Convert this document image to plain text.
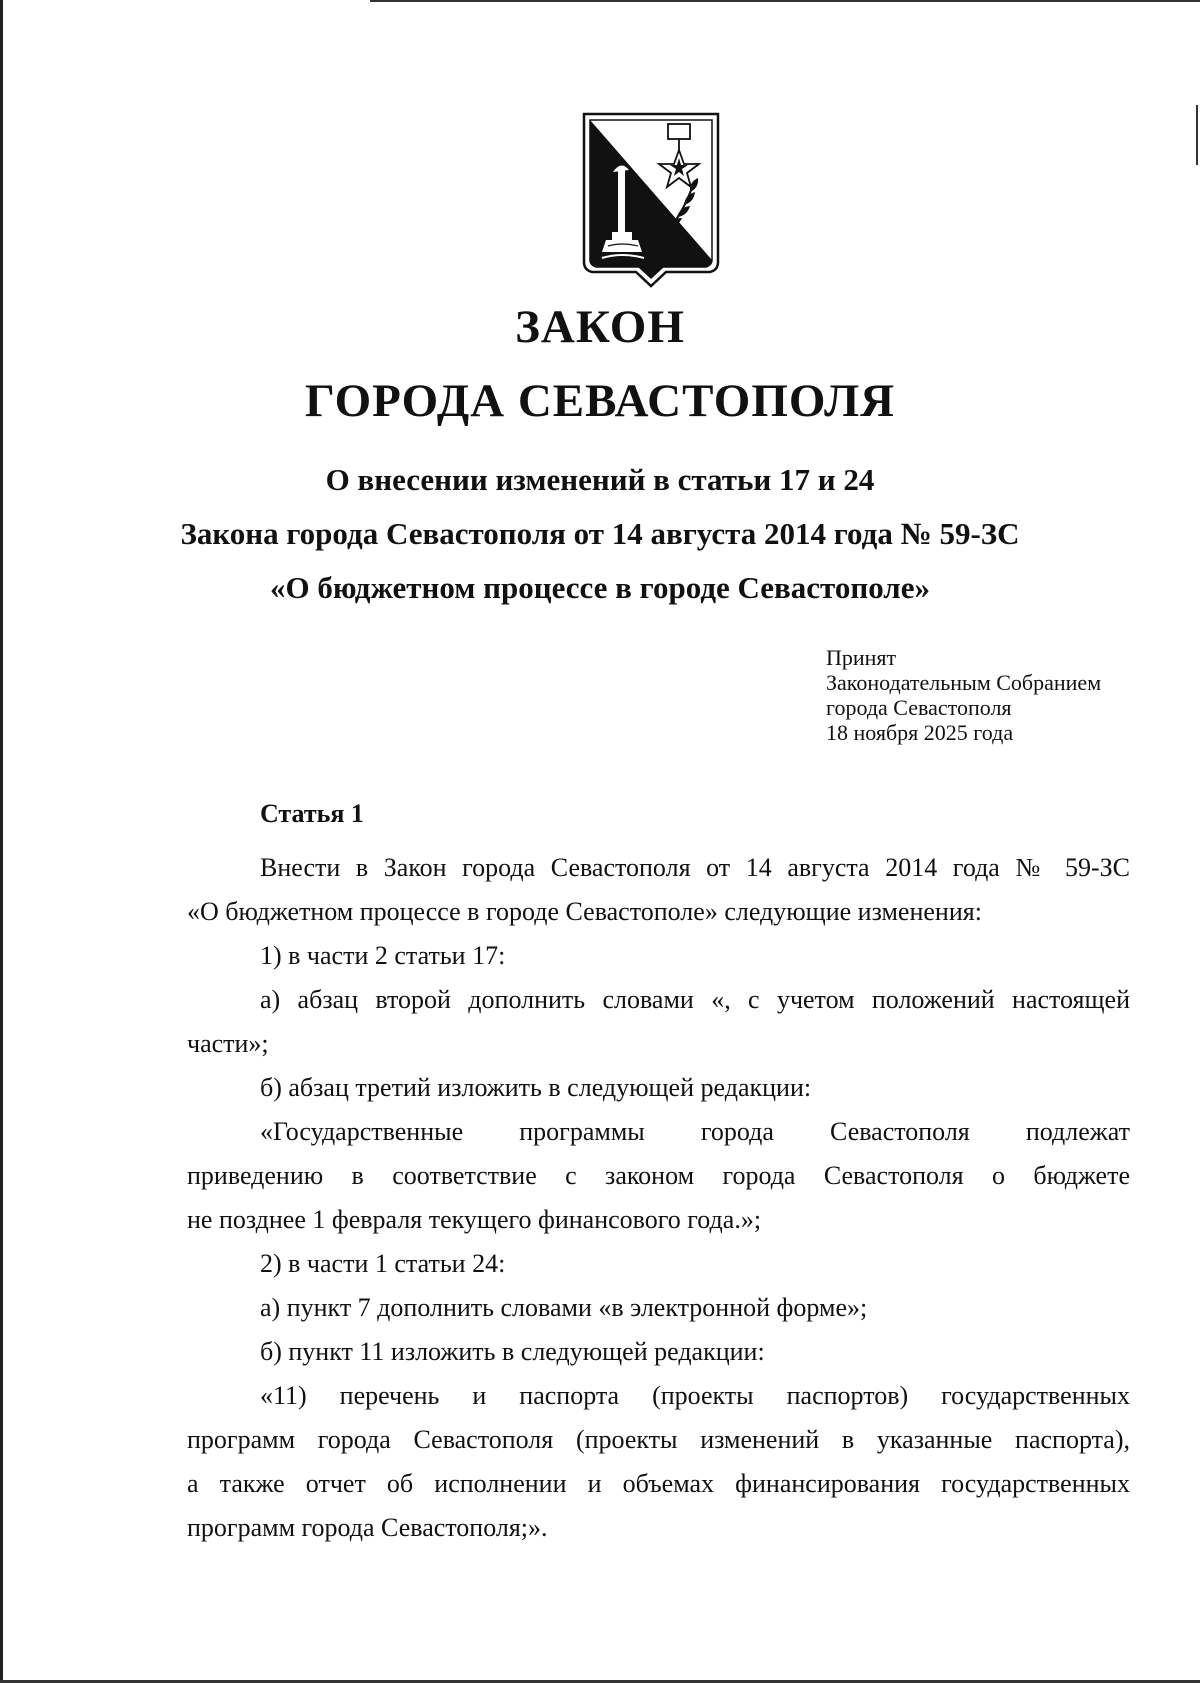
ЗАКОН
ГОРОДА СЕВАСТОПОЛЯ
О внесении изменений в статьи 17 и 24
Закона города Севастополя от 14 августа 2014 года № 59-ЗС
«О бюджетном процессе в городе Севастополе»
Принят
Законодательным Собранием
города Севастополя
18 ноября 2025 года
Статья 1
Внести в Закон города Севастополя от 14 августа 2014 года № 59-ЗС
«О бюджетном процессе в городе Севастополе» следующие изменения:
1) в части 2 статьи 17:
а) абзац второй дополнить словами «, с учетом положений настоящей
части»;
б) абзац третий изложить в следующей редакции:
«Государственные программы города Севастополя подлежат
приведению в соответствие с законом города Севастополя о бюджете
не позднее 1 февраля текущего финансового года.»;
2) в части 1 статьи 24:
а) пункт 7 дополнить словами «в электронной форме»;
б) пункт 11 изложить в следующей редакции:
«11) перечень и паспорта (проекты паспортов) государственных
программ города Севастополя (проекты изменений в указанные паспорта),
а также отчет об исполнении и объемах финансирования государственных
программ города Севастополя;».
